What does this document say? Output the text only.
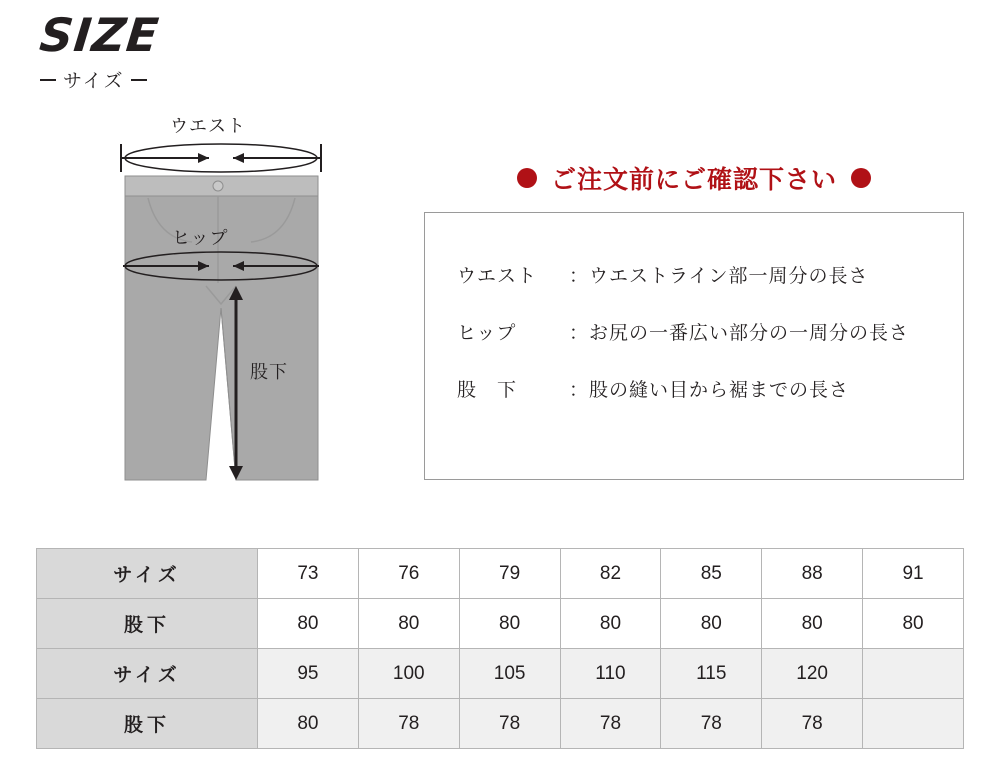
SIZE
サイズ
ウエスト
ヒップ
股下
ご注文前にご確認下さい
ウエスト	： ウエストライン部一周分の長さ
ヒップ　	： お尻の一番広い部分の一周分の長さ
股　下　	： 股の縫い目から裾までの長さ
サイズ	73	76	79	82	85	88	91
股下	80	80	80	80	80	80	80
サイズ	95	100	105	110	115	120	
股下	80	78	78	78	78	78	
